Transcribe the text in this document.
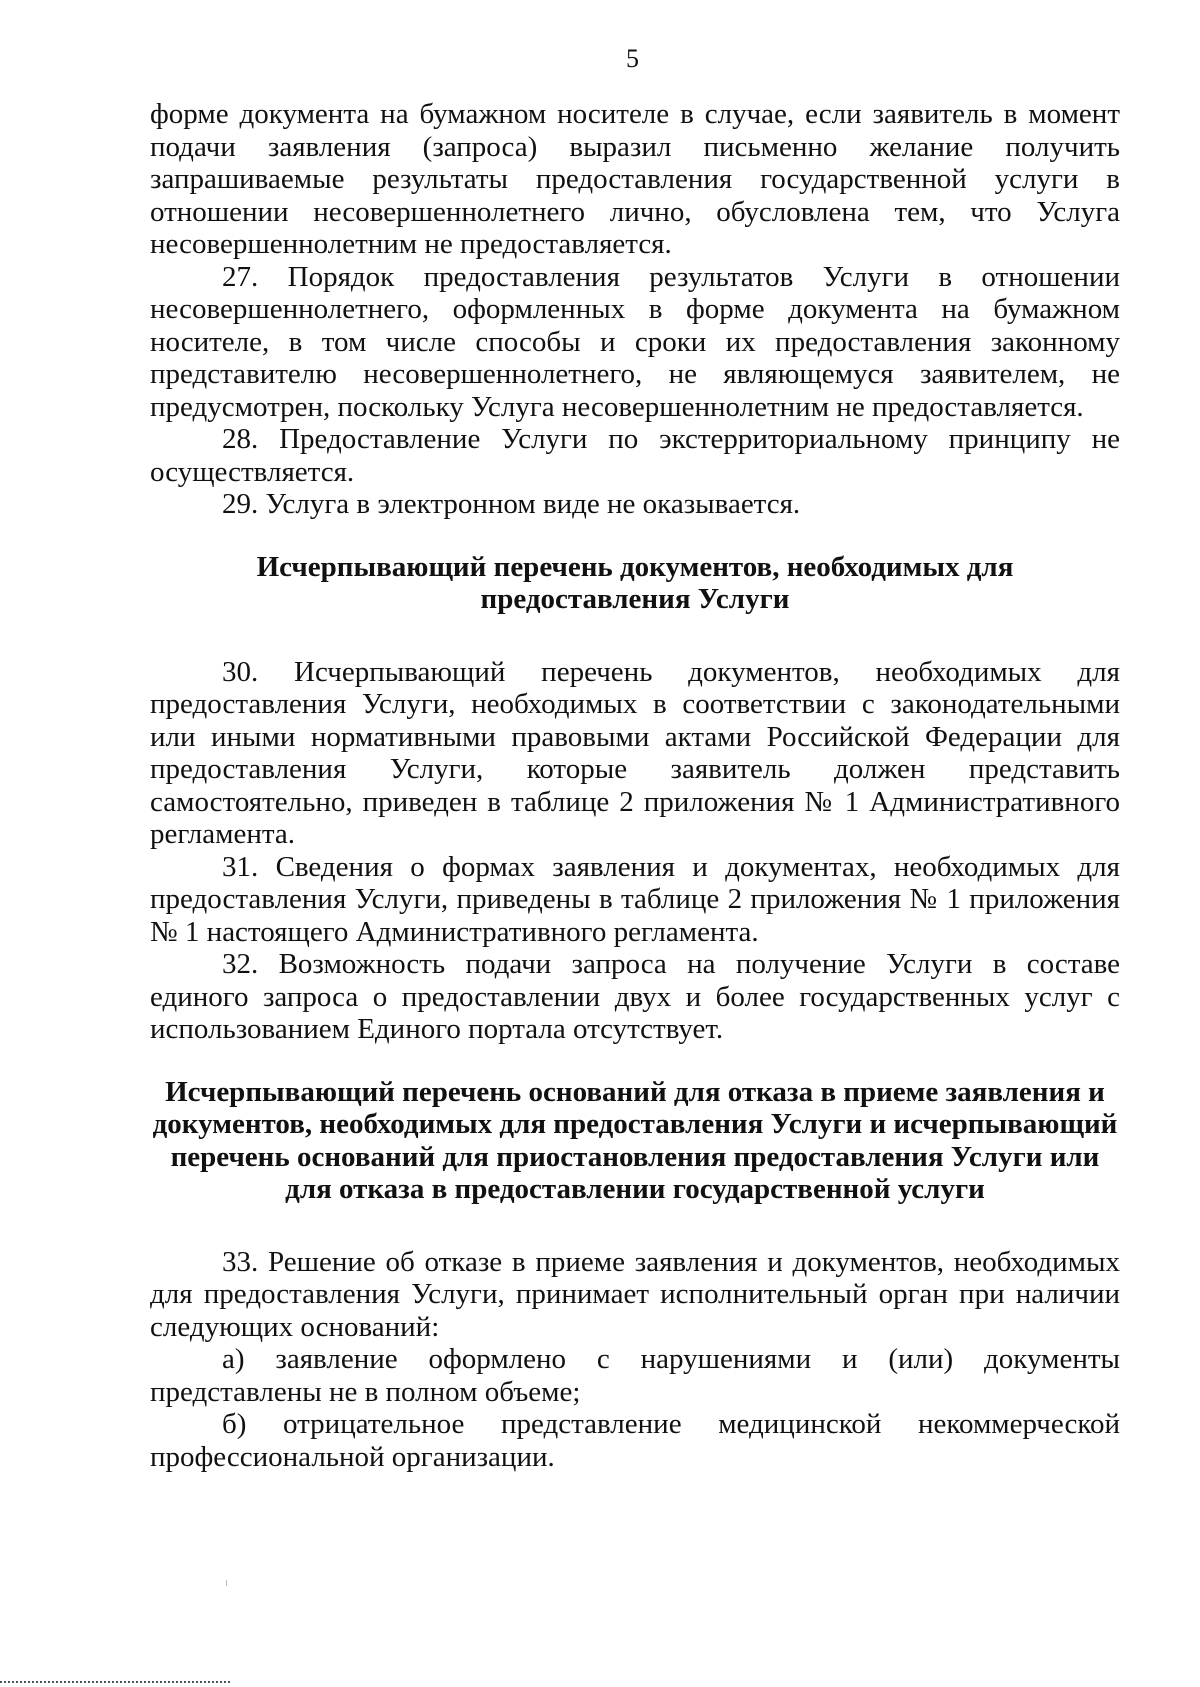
5

форме документа на бумажном носителе в случае, если заявитель в момент подачи заявления (запроса) выразил письменно желание получить запрашиваемые результаты предоставления государственной услуги в отношении несовершеннолетнего лично, обусловлена тем, что Услуга несовершеннолетним не предоставляется.

27. Порядок предоставления результатов Услуги в отношении несовершеннолетнего, оформленных в форме документа на бумажном носителе, в том числе способы и сроки их предоставления законному представителю несовершеннолетнего, не являющемуся заявителем, не предусмотрен, поскольку Услуга несовершеннолетним не предоставляется.

28. Предоставление Услуги по экстерриториальному принципу не осуществляется.

29. Услуга в электронном виде не оказывается.

Исчерпывающий перечень документов, необходимых для предоставления Услуги

30. Исчерпывающий перечень документов, необходимых для предоставления Услуги, необходимых в соответствии с законодательными или иными нормативными правовыми актами Российской Федерации для предоставления Услуги, которые заявитель должен представить самостоятельно, приведен в таблице 2 приложения № 1 Административного регламента.

31. Сведения о формах заявления и документах, необходимых для предоставления Услуги, приведены в таблице 2 приложения № 1 приложения № 1 настоящего Административного регламента.

32. Возможность подачи запроса на получение Услуги в составе единого запроса о предоставлении двух и более государственных услуг с использованием Единого портала отсутствует.

Исчерпывающий перечень оснований для отказа в приеме заявления и документов, необходимых для предоставления Услуги и исчерпывающий перечень оснований для приостановления предоставления Услуги или для отказа в предоставлении государственной услуги

33. Решение об отказе в приеме заявления и документов, необходимых для предоставления Услуги, принимает исполнительный орган при наличии следующих оснований:

а) заявление оформлено с нарушениями и (или) документы представлены не в полном объеме;

б) отрицательное представление медицинской некоммерческой профессиональной организации.
